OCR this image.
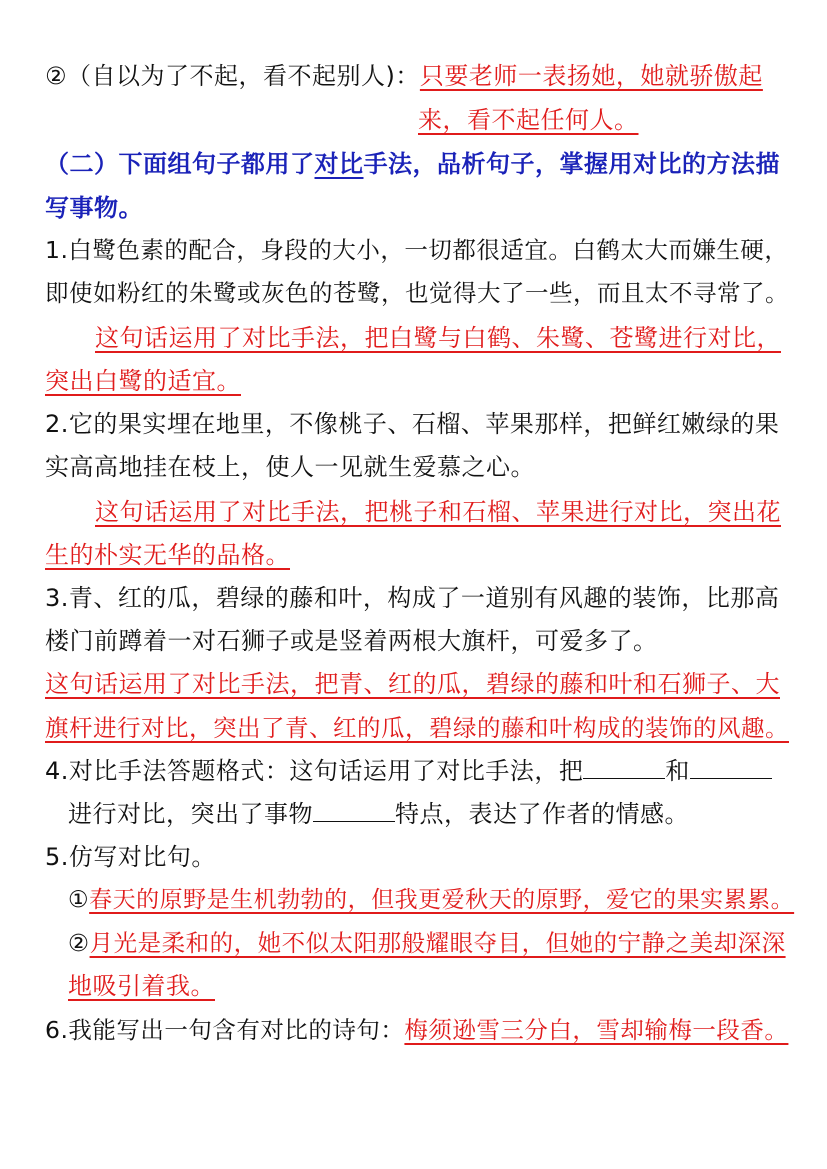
②（自以为了不起，看不起别人)：只要老师一表扬她，她就骄傲起
来，看不起任何人。
（二）下面组句子都用了对比手法，品析句子，掌握用对比的方法描
写事物。
1.白鹭色素的配合，身段的大小，一切都很适宜。白鹤太大而嫌生硬，
即使如粉红的朱鹭或灰色的苍鹭，也觉得大了一些，而且太不寻常了。
这句话运用了对比手法，把白鹭与白鹤、朱鹭、苍鹭进行对比，
突出白鹭的适宜。
2.它的果实埋在地里，不像桃子、石榴、苹果那样，把鲜红嫩绿的果
实高高地挂在枝上，使人一见就生爱慕之心。
这句话运用了对比手法，把桃子和石榴、苹果进行对比，突出花
生的朴实无华的品格。
3.青、红的瓜，碧绿的藤和叶，构成了一道别有风趣的装饰，比那高
楼门前蹲着一对石狮子或是竖着两根大旗杆，可爱多了。
这句话运用了对比手法，把青、红的瓜，碧绿的藤和叶和石狮子、大
旗杆进行对比，突出了青、红的瓜，碧绿的藤和叶构成的装饰的风趣。
4.对比手法答题格式：这句话运用了对比手法，把	和
进行对比，突出了事物	特点，表达了作者的情感。
5.仿写对比句。
①春天的原野是生机勃勃的，但我更爱秋天的原野，爱它的果实累累。
②月光是柔和的，她不似太阳那般耀眼夺目，但她的宁静之美却深深
地吸引着我。
6.我能写出一句含有对比的诗句：梅须逊雪三分白，雪却输梅一段香。
